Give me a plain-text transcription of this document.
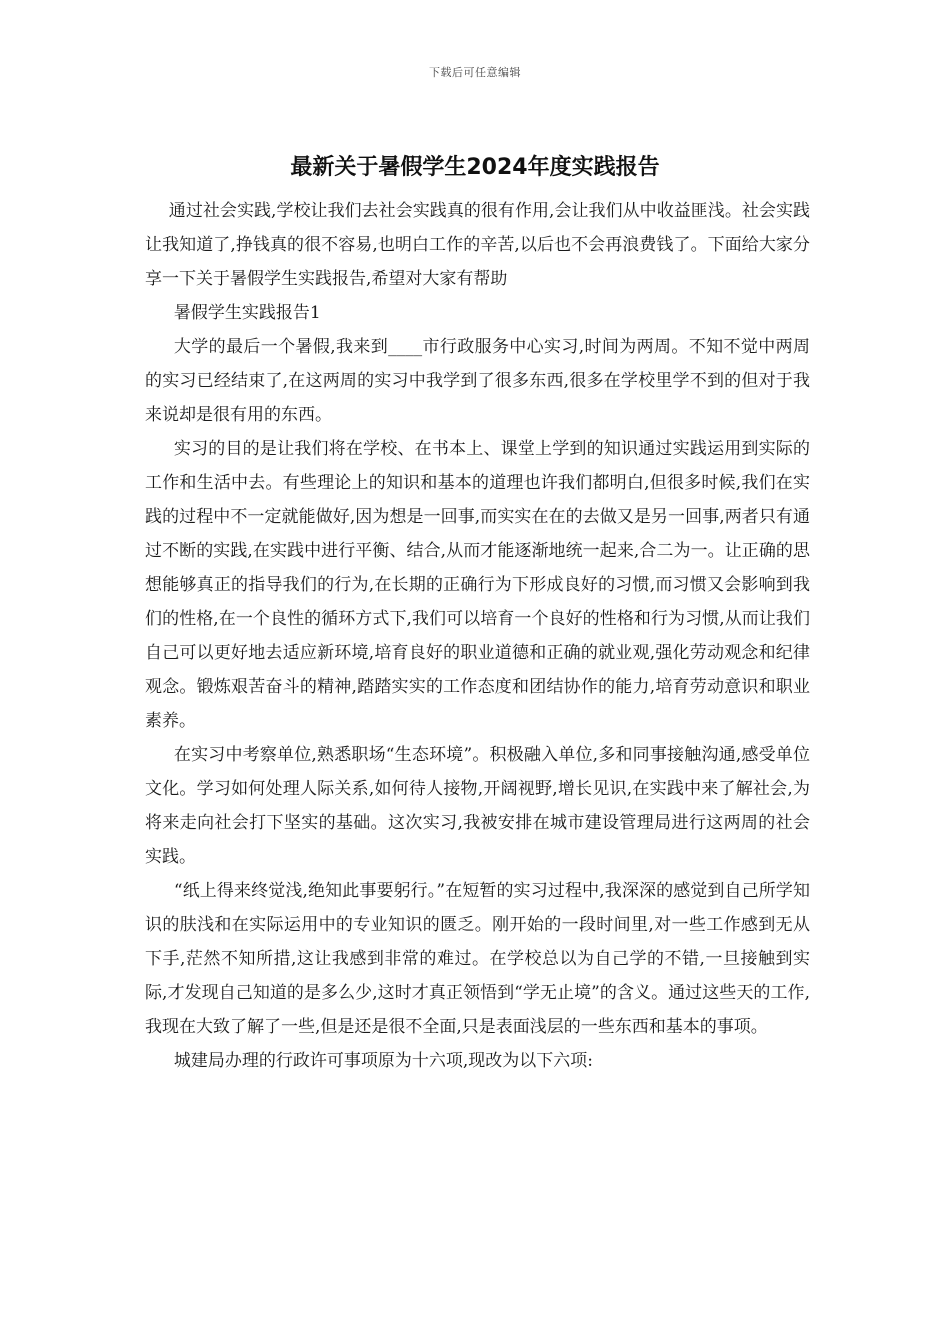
下载后可任意编辑
最新关于暑假学生2024年度实践报告

通过社会实践,学校让我们去社会实践真的很有作用,会让我们从中收益匪浅。社会实践让我知道了,挣钱真的很不容易,也明白工作的辛苦,以后也不会再浪费钱了。下面给大家分享一下关于暑假学生实践报告,希望对大家有帮助

暑假学生实践报告1

大学的最后一个暑假,我来到____市行政服务中心实习,时间为两周。不知不觉中两周的实习已经结束了,在这两周的实习中我学到了很多东西,很多在学校里学不到的但对于我来说却是很有用的东西。

实习的目的是让我们将在学校、在书本上、课堂上学到的知识通过实践运用到实际的工作和生活中去。有些理论上的知识和基本的道理也许我们都明白,但很多时候,我们在实践的过程中不一定就能做好,因为想是一回事,而实实在在的去做又是另一回事,两者只有通过不断的实践,在实践中进行平衡、结合,从而才能逐渐地统一起来,合二为一。让正确的思想能够真正的指导我们的行为,在长期的正确行为下形成良好的习惯,而习惯又会影响到我们的性格,在一个良性的循环方式下,我们可以培育一个良好的性格和行为习惯,从而让我们自己可以更好地去适应新环境,培育良好的职业道德和正确的就业观,强化劳动观念和纪律观念。锻炼艰苦奋斗的精神,踏踏实实的工作态度和团结协作的能力,培育劳动意识和职业素养。

在实习中考察单位,熟悉职场“生态环境”。积极融入单位,多和同事接触沟通,感受单位文化。学习如何处理人际关系,如何待人接物,开阔视野,增长见识,在实践中来了解社会,为将来走向社会打下坚实的基础。这次实习,我被安排在城市建设管理局进行这两周的社会实践。

“纸上得来终觉浅,绝知此事要躬行。”在短暂的实习过程中,我深深的感觉到自己所学知识的肤浅和在实际运用中的专业知识的匮乏。刚开始的一段时间里,对一些工作感到无从下手,茫然不知所措,这让我感到非常的难过。在学校总以为自己学的不错,一旦接触到实际,才发现自己知道的是多么少,这时才真正领悟到“学无止境”的含义。通过这些天的工作,我现在大致了解了一些,但是还是很不全面,只是表面浅层的一些东西和基本的事项。

城建局办理的行政许可事项原为十六项,现改为以下六项:
